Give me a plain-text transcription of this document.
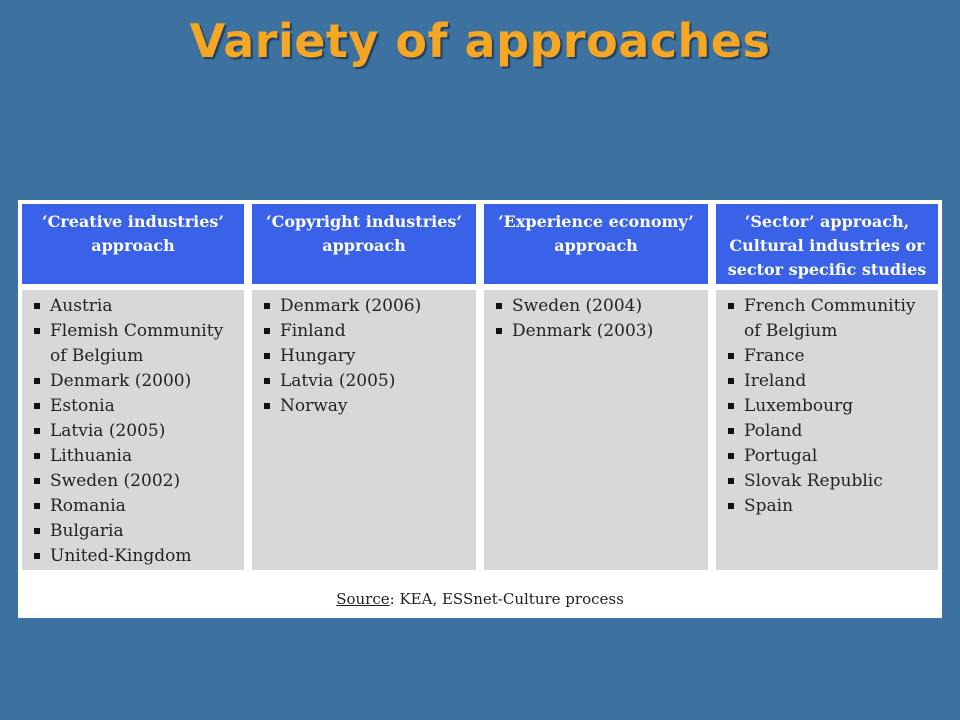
Variety of approaches
‘Creative industries’
approach
Austria
Flemish Community of Belgium
Denmark (2000)
Estonia
Latvia (2005)
Lithuania
Sweden (2002)
Romania
Bulgaria
United-Kingdom
‘Copyright industries’
approach
Denmark (2006)
Finland
Hungary
Latvia (2005)
Norway
‘Experience economy’
approach
Sweden (2004)
Denmark (2003)
‘Sector’ approach,
Cultural industries or
sector specific studies
French Communitiy of Belgium
France
Ireland
Luxembourg
Poland
Portugal
Slovak Republic
Spain
Source: KEA, ESSnet-Culture process
